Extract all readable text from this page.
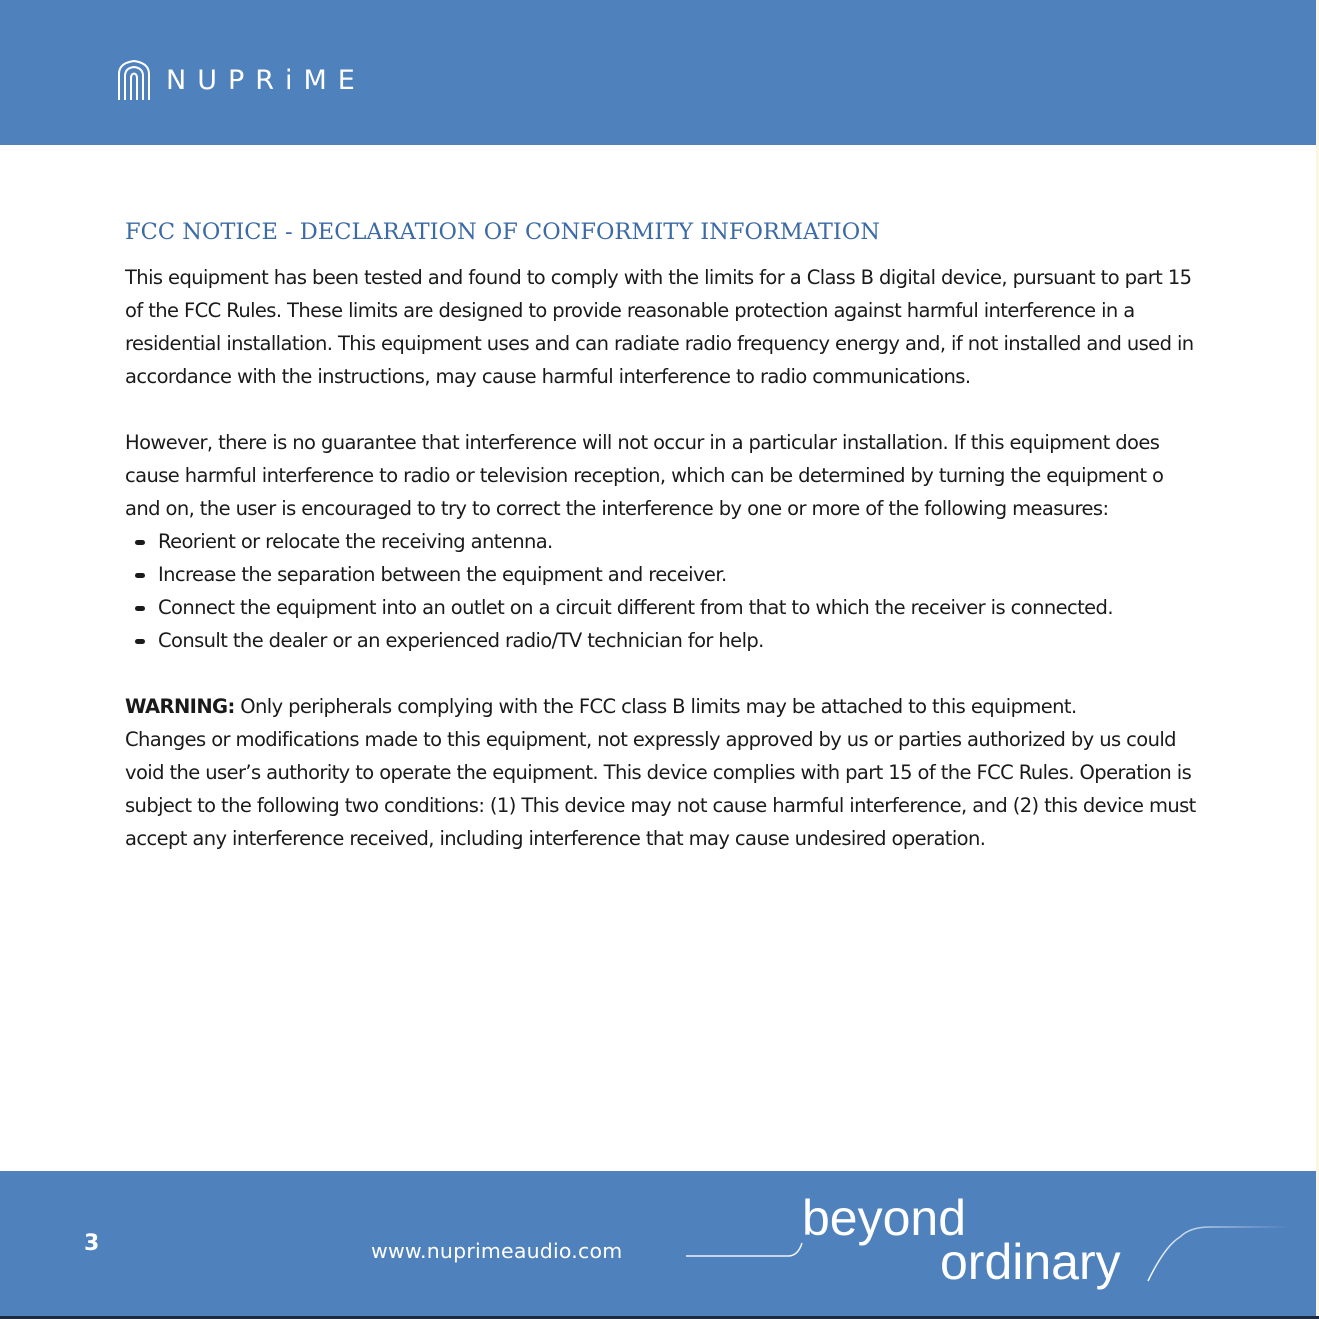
NUPRiME
FCC NOTICE - DECLARATION OF CONFORMITY INFORMATION

This equipment has been tested and found to comply with the limits for a Class B digital device, pursuant to part 15 of the FCC Rules. These limits are designed to provide reasonable protection against harmful interference in a residential installation. This equipment uses and can radiate radio frequency energy and, if not installed and used in accordance with the instructions, may cause harmful interference to radio communications.

However, there is no guarantee that interference will not occur in a particular installation. If this equipment does cause harmful interference to radio or television reception, which can be determined by turning the equipment o and on, the user is encouraged to try to correct the interference by one or more of the following measures:

Reorient or relocate the receiving antenna.
Increase the separation between the equipment and receiver.
Connect the equipment into an outlet on a circuit different from that to which the receiver is connected.
Consult the dealer or an experienced radio/TV technician for help.

WARNING: Only peripherals complying with the FCC class B limits may be attached to this equipment.

Changes or modifications made to this equipment, not expressly approved by us or parties authorized by us could void the user’s authority to operate the equipment. This device complies with part 15 of the FCC Rules. Operation is subject to the following two conditions: (1) This device may not cause harmful interference, and (2) this device must accept any interference received, including interference that may cause undesired operation.

3	www.nuprimeaudio.com
beyond
ordinary
